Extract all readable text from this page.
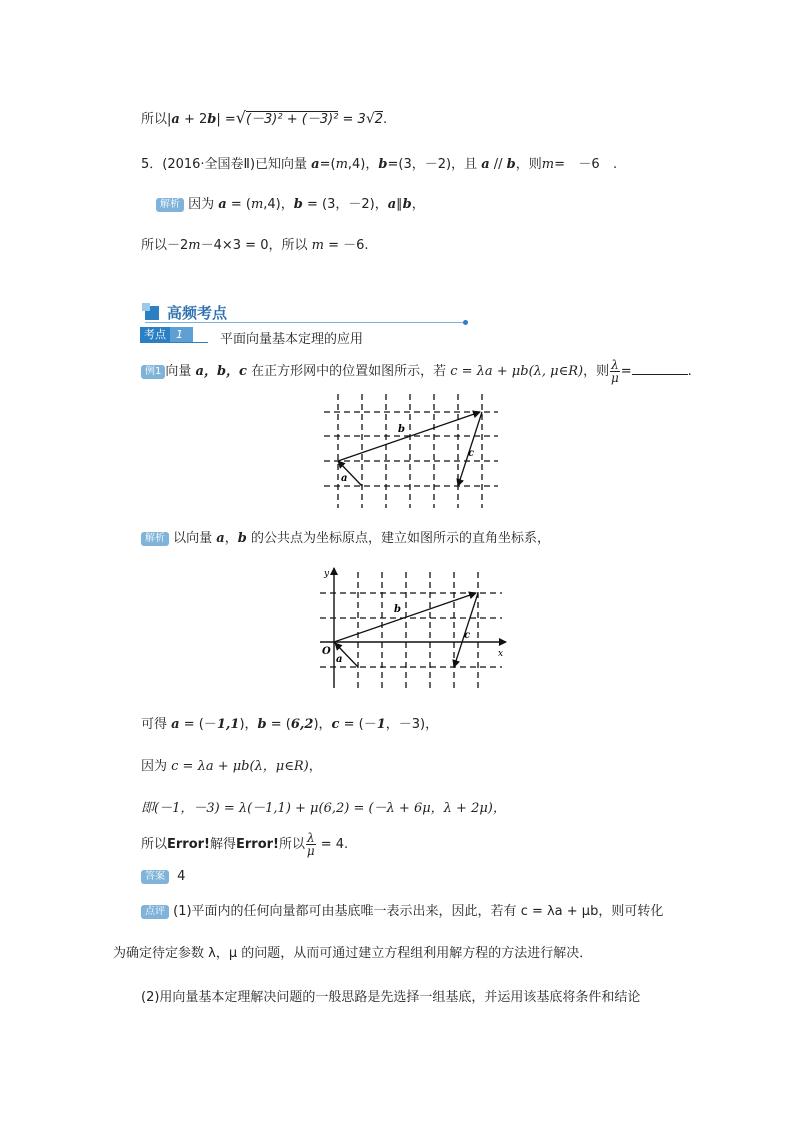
所以|a + 2b| =√(－3)² + (－3)² = 3√2.
5．(2016·全国卷Ⅱ)已知向量 a=(m,4)，b=(3，－2)，且 a // b，则m= －6 .
解析 因为 a = (m,4)，b = (3，－2)，a∥b，
所以－2m－4×3 = 0，所以 m = －6.
高频考点
考点 1	平面向量基本定理的应用
例1 向量 a，b，c 在正方形网中的位置如图所示，若 c = λa + μb(λ, μ∈R)，则 $\frac{\lambda}{\mu}$ =	.
a
b
c
解析 以向量 a，b 的公共点为坐标原点，建立如图所示的直角坐标系，
y
x
O
a
b
c
可得 a = (－1,1)，b = (6,2)，c = (－1，－3)，
因为 c = λa + μb(λ，μ∈R)，
即(－1，－3) = λ(－1,1) + μ(6,2) = (－λ + 6μ，λ + 2μ)，
所以Error!解得Error!所以 $\frac{\lambda}{\mu} = 4$.
答案 4
点评 (1)平面内的任何向量都可由基底唯一表示出来，因此，若有 c = λa + μb，则可转化
为确定待定参数 λ，μ 的问题，从而可通过建立方程组利用解方程的方法进行解决．
(2)用向量基本定理解决问题的一般思路是先选择一组基底，并运用该基底将条件和结论
